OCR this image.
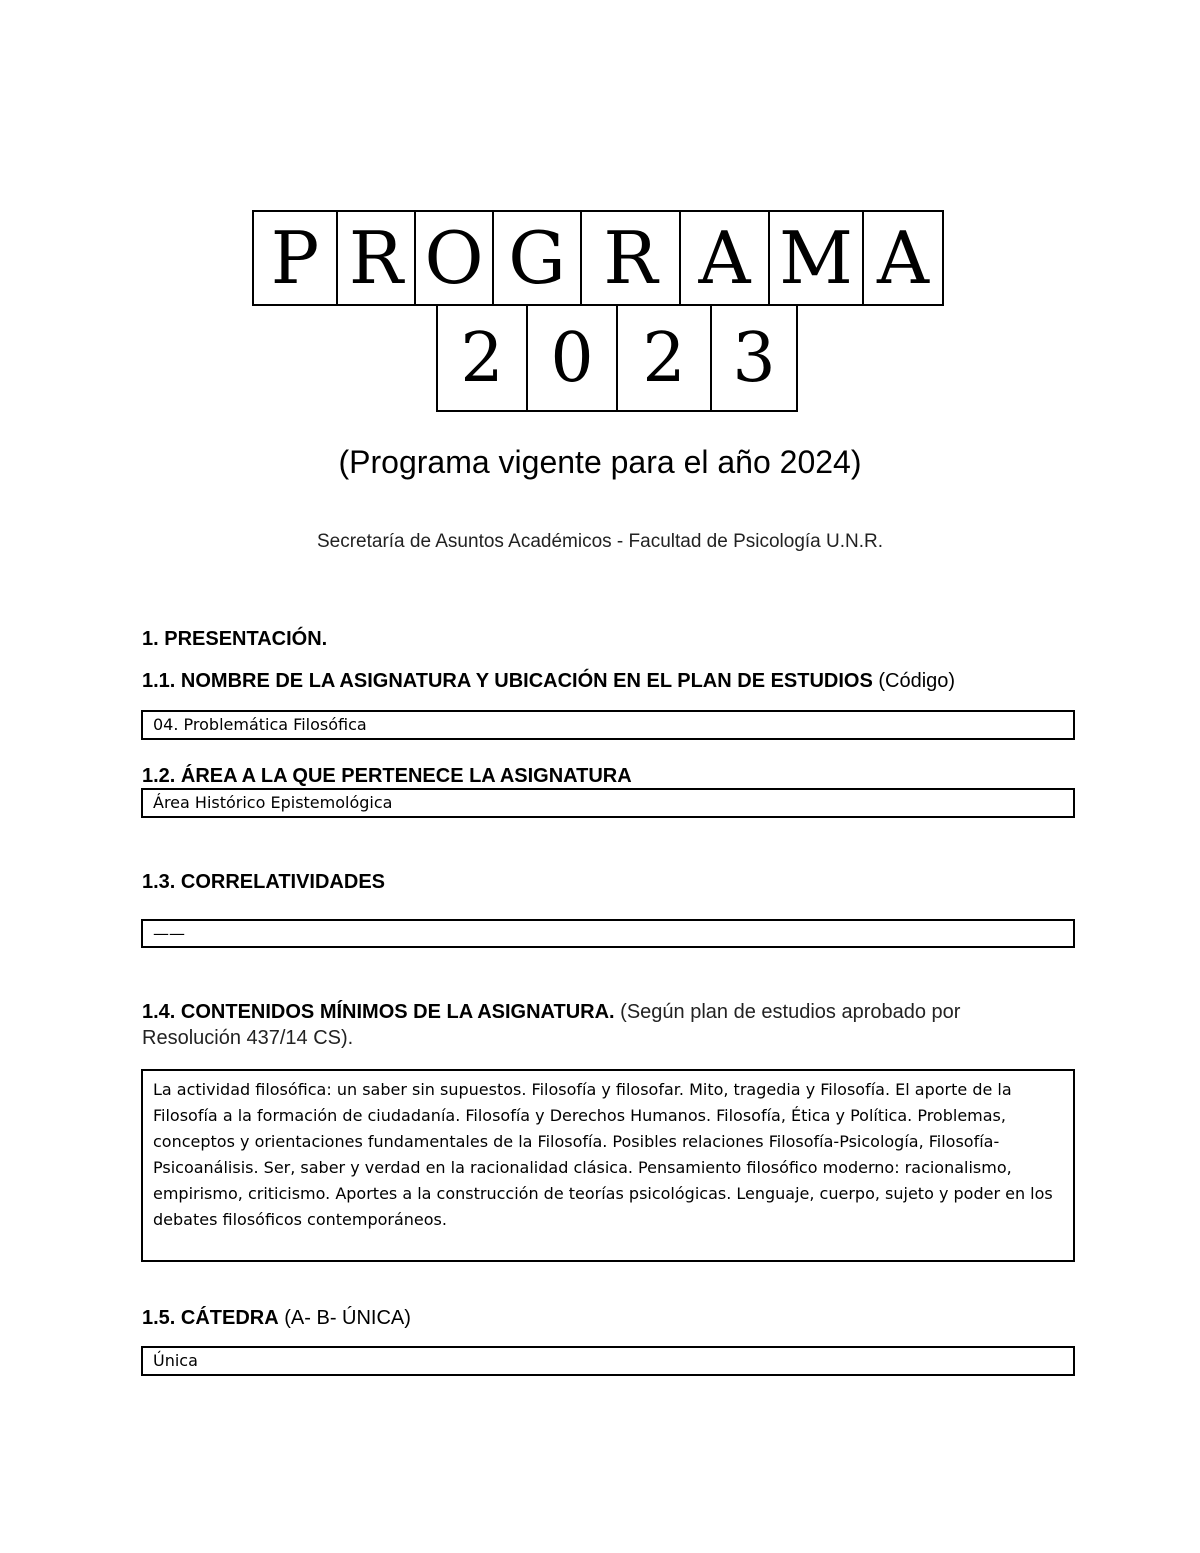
P R O G R A M A
2 0 2 3
(Programa vigente para el año 2024)
Secretaría de Asuntos Académicos - Facultad de Psicología U.N.R.
1. PRESENTACIÓN.
1.1. NOMBRE DE LA ASIGNATURA Y UBICACIÓN EN EL PLAN DE ESTUDIOS (Código)
04. Problemática Filosófica
1.2. ÁREA A LA QUE PERTENECE LA ASIGNATURA
Área Histórico Epistemológica
1.3. CORRELATIVIDADES
——
1.4. CONTENIDOS MÍNIMOS DE LA ASIGNATURA. (Según plan de estudios aprobado por Resolución 437/14 CS).
La actividad filosófica: un saber sin supuestos. Filosofía y filosofar. Mito, tragedia y Filosofía. El aporte de la Filosofía a la formación de ciudadanía. Filosofía y Derechos Humanos. Filosofía, Ética y Política. Problemas, conceptos y orientaciones fundamentales de la Filosofía. Posibles relaciones Filosofía-Psicología, Filosofía-Psicoanálisis. Ser, saber y verdad en la racionalidad clásica. Pensamiento filosófico moderno: racionalismo, empirismo, criticismo. Aportes a la construcción de teorías psicológicas. Lenguaje, cuerpo, sujeto y poder en los debates filosóficos contemporáneos.
1.5. CÁTEDRA (A- B- ÚNICA)
Única
